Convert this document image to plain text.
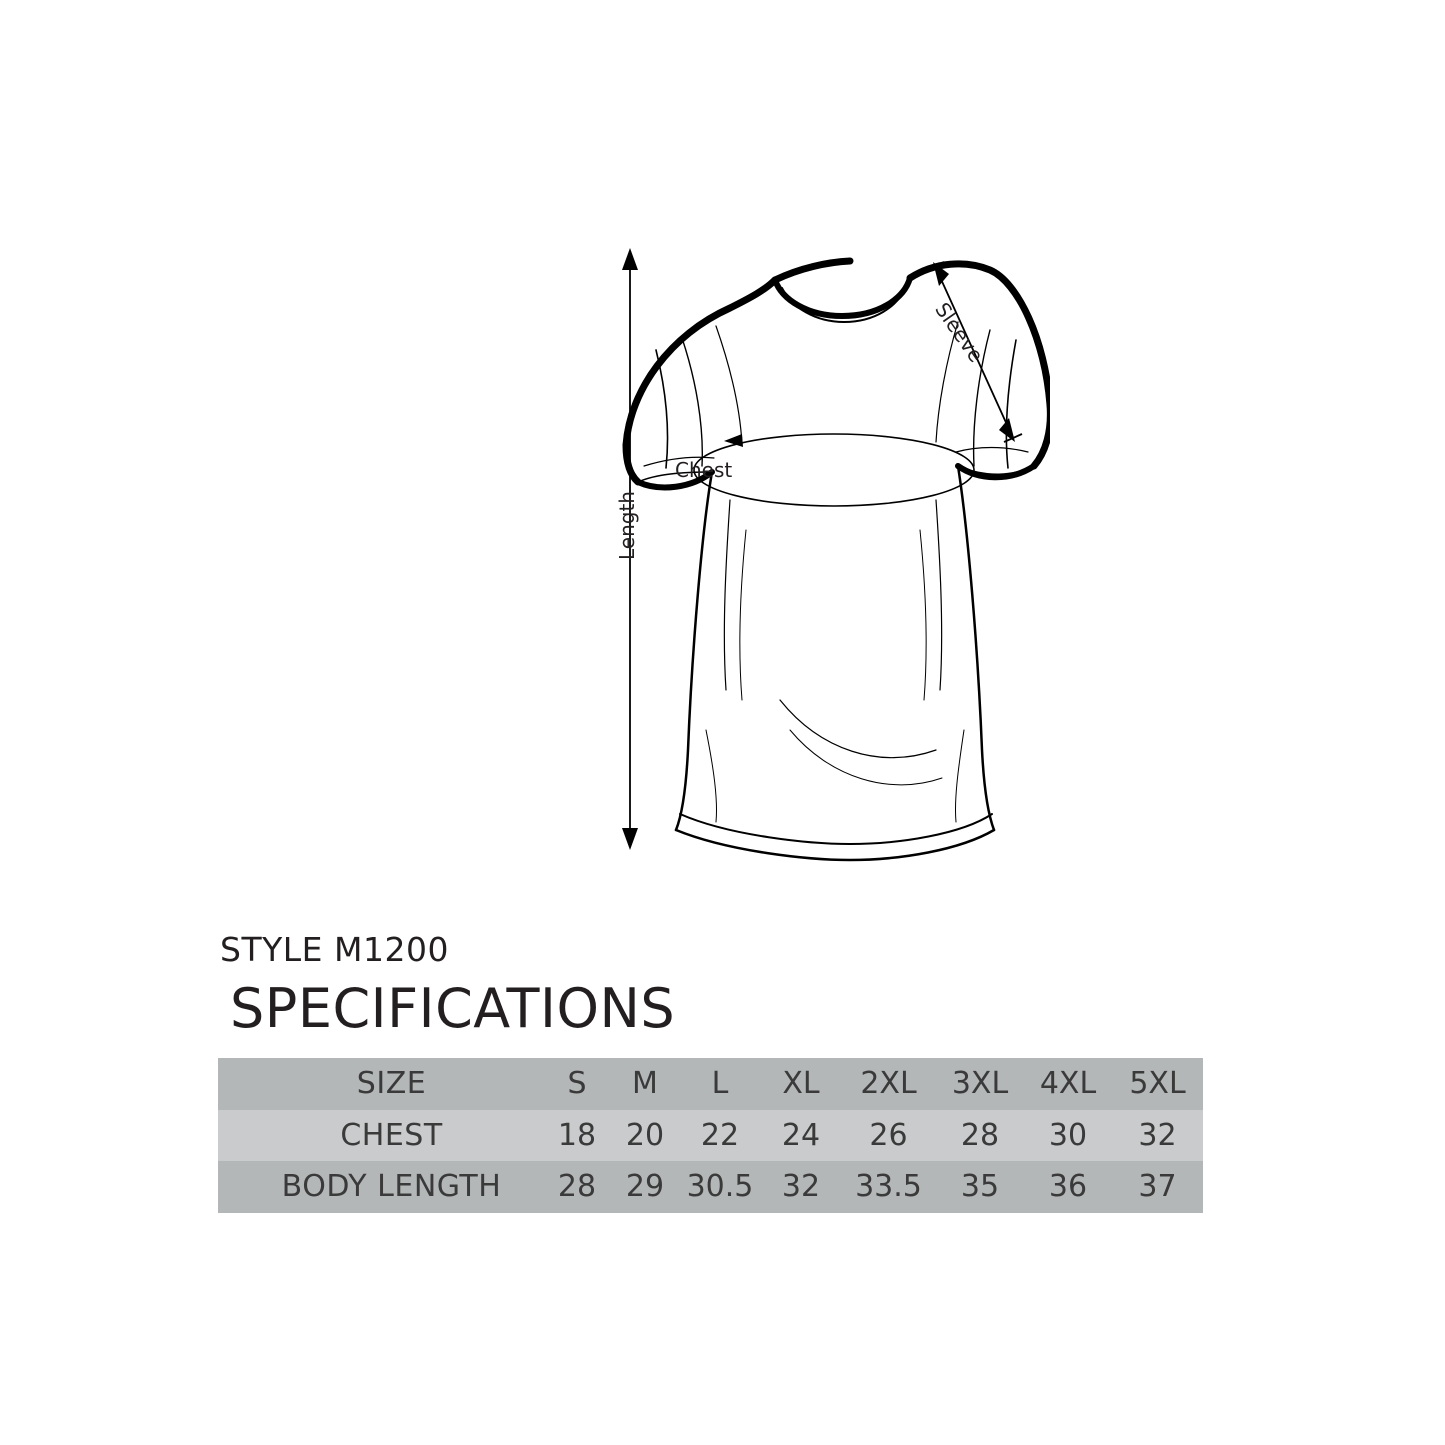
Chest
Length
Sleeve
STYLE M1200
SPECIFICATIONS
SIZE	S	M	L	XL	2XL	3XL	4XL	5XL
CHEST	18	20	22	24	26	28	30	32
BODY LENGTH	28	29	30.5	32	33.5	35	36	37
